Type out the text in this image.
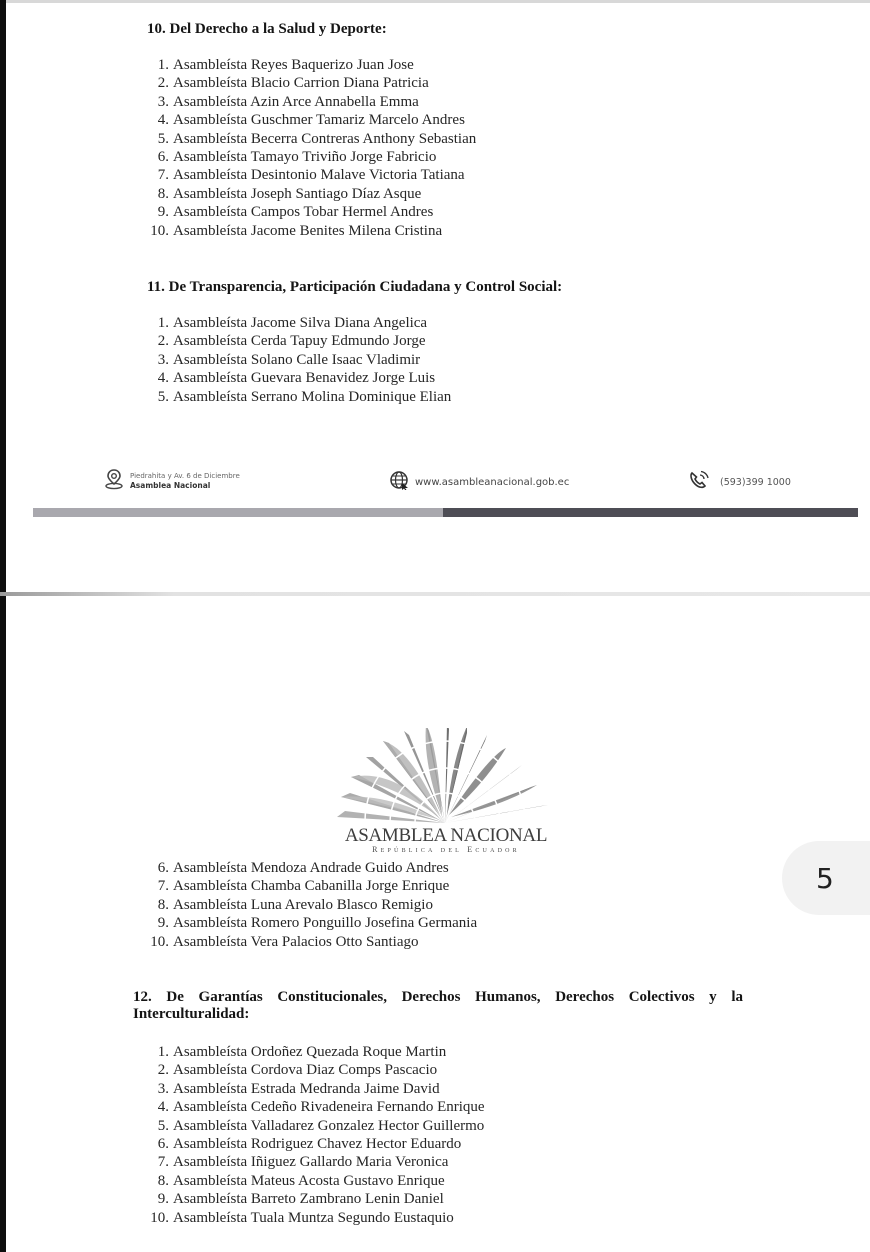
10. Del Derecho a la Salud y Deporte:
1. Asambleísta Reyes Baquerizo Juan Jose
2. Asambleísta Blacio Carrion Diana Patricia
3. Asambleísta Azin Arce Annabella Emma
4. Asambleísta Guschmer Tamariz Marcelo Andres
5. Asambleísta Becerra Contreras Anthony Sebastian
6. Asambleísta Tamayo Triviño Jorge Fabricio
7. Asambleísta Desintonio Malave Victoria Tatiana
8. Asambleísta Joseph Santiago Díaz Asque
9. Asambleísta Campos Tobar Hermel Andres
10. Asambleísta Jacome Benites Milena Cristina
11. De Transparencia, Participación Ciudadana y Control Social:
1. Asambleísta Jacome Silva Diana Angelica
2. Asambleísta Cerda Tapuy Edmundo Jorge
3. Asambleísta Solano Calle Isaac Vladimir
4. Asambleísta Guevara Benavidez Jorge Luis
5. Asambleísta Serrano Molina Dominique Elian
Piedrahita y Av. 6 de Diciembre
Asamblea Nacional	www.asambleanacional.gob.ec	(593)399 1000
ASAMBLEA NACIONAL
República del Ecuador
6. Asambleísta Mendoza Andrade Guido Andres
7. Asambleísta Chamba Cabanilla Jorge Enrique
8. Asambleísta Luna Arevalo Blasco Remigio
9. Asambleísta Romero Ponguillo Josefina Germania
10. Asambleísta Vera Palacios Otto Santiago
5
12. De Garantías Constitucionales, Derechos Humanos, Derechos Colectivos y la
Interculturalidad:
1. Asambleísta Ordoñez Quezada Roque Martin
2. Asambleísta Cordova Diaz Comps Pascacio
3. Asambleísta Estrada Medranda Jaime David
4. Asambleísta Cedeño Rivadeneira Fernando Enrique
5. Asambleísta Valladarez Gonzalez Hector Guillermo
6. Asambleísta Rodriguez Chavez Hector Eduardo
7. Asambleísta Iñiguez Gallardo Maria Veronica
8. Asambleísta Mateus Acosta Gustavo Enrique
9. Asambleísta Barreto Zambrano Lenin Daniel
10. Asambleísta Tuala Muntza Segundo Eustaquio
